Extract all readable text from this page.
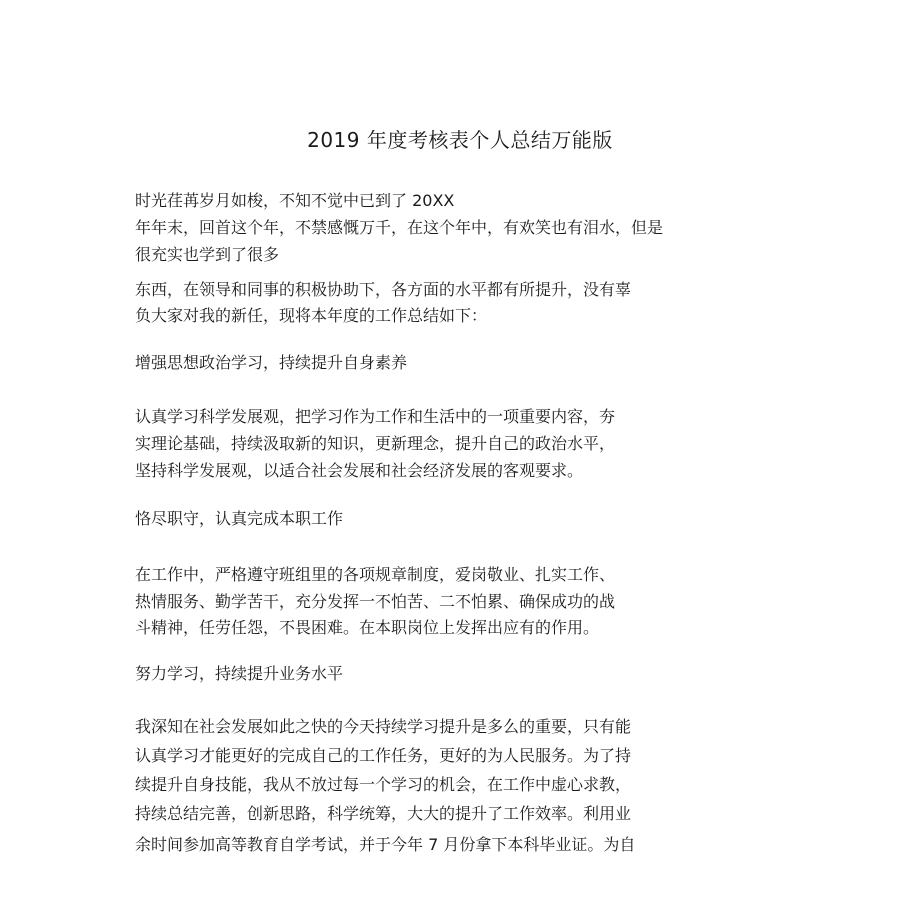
2019 年度考核表个人总结万能版
时光荏苒岁月如梭，不知不觉中已到了 20XX
年年末，回首这个年，不禁感慨万千，在这个年中，有欢笑也有泪水，但是
很充实也学到了很多
东西，在领导和同事的积极协助下，各方面的水平都有所提升，没有辜
负大家对我的新任，现将本年度的工作总结如下：
增强思想政治学习，持续提升自身素养
认真学习科学发展观，把学习作为工作和生活中的一项重要内容，夯
实理论基础，持续汲取新的知识，更新理念，提升自己的政治水平，
坚持科学发展观，以适合社会发展和社会经济发展的客观要求。
恪尽职守，认真完成本职工作
在工作中，严格遵守班组里的各项规章制度，爱岗敬业、扎实工作、
热情服务、勤学苦干，充分发挥一不怕苦、二不怕累、确保成功的战
斗精神，任劳任怨，不畏困难。在本职岗位上发挥出应有的作用。
努力学习，持续提升业务水平
我深知在社会发展如此之快的今天持续学习提升是多么的重要，只有能
认真学习才能更好的完成自己的工作任务，更好的为人民服务。为了持
续提升自身技能，我从不放过每一个学习的机会，在工作中虚心求教，
持续总结完善，创新思路，科学统筹，大大的提升了工作效率。利用业
余时间参加高等教育自学考试，并于今年 7 月份拿下本科毕业证。为自
